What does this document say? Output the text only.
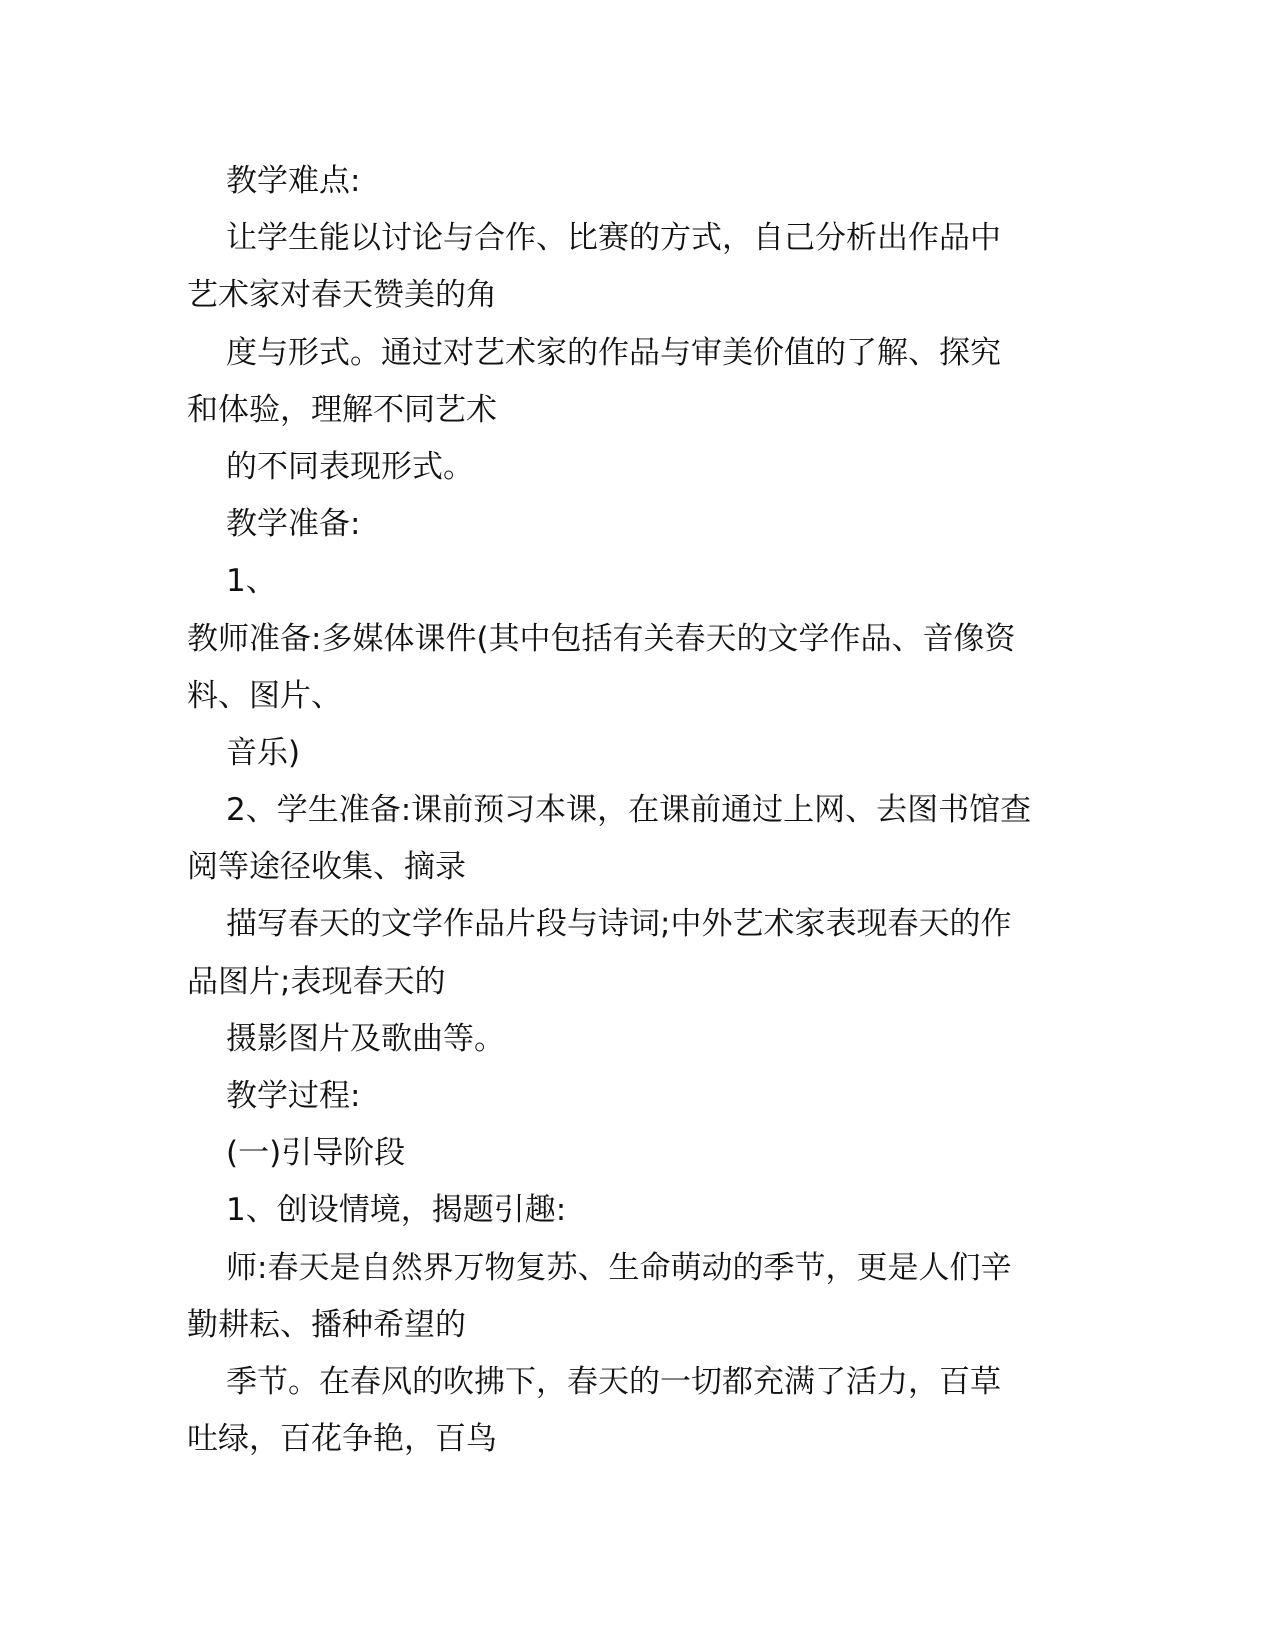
教学难点:
让学生能以讨论与合作、比赛的方式，自己分析出作品中
艺术家对春天赞美的角
度与形式。通过对艺术家的作品与审美价值的了解、探究
和体验，理解不同艺术
的不同表现形式。
教学准备:
1、
教师准备:多媒体课件(其中包括有关春天的文学作品、音像资
料、图片、
音乐)
2、学生准备:课前预习本课，在课前通过上网、去图书馆查
阅等途径收集、摘录
描写春天的文学作品片段与诗词;中外艺术家表现春天的作
品图片;表现春天的
摄影图片及歌曲等。
教学过程:
(一)引导阶段
1、创设情境，揭题引趣:
师:春天是自然界万物复苏、生命萌动的季节，更是人们辛
勤耕耘、播种希望的
季节。在春风的吹拂下，春天的一切都充满了活力，百草
吐绿，百花争艳，百鸟
